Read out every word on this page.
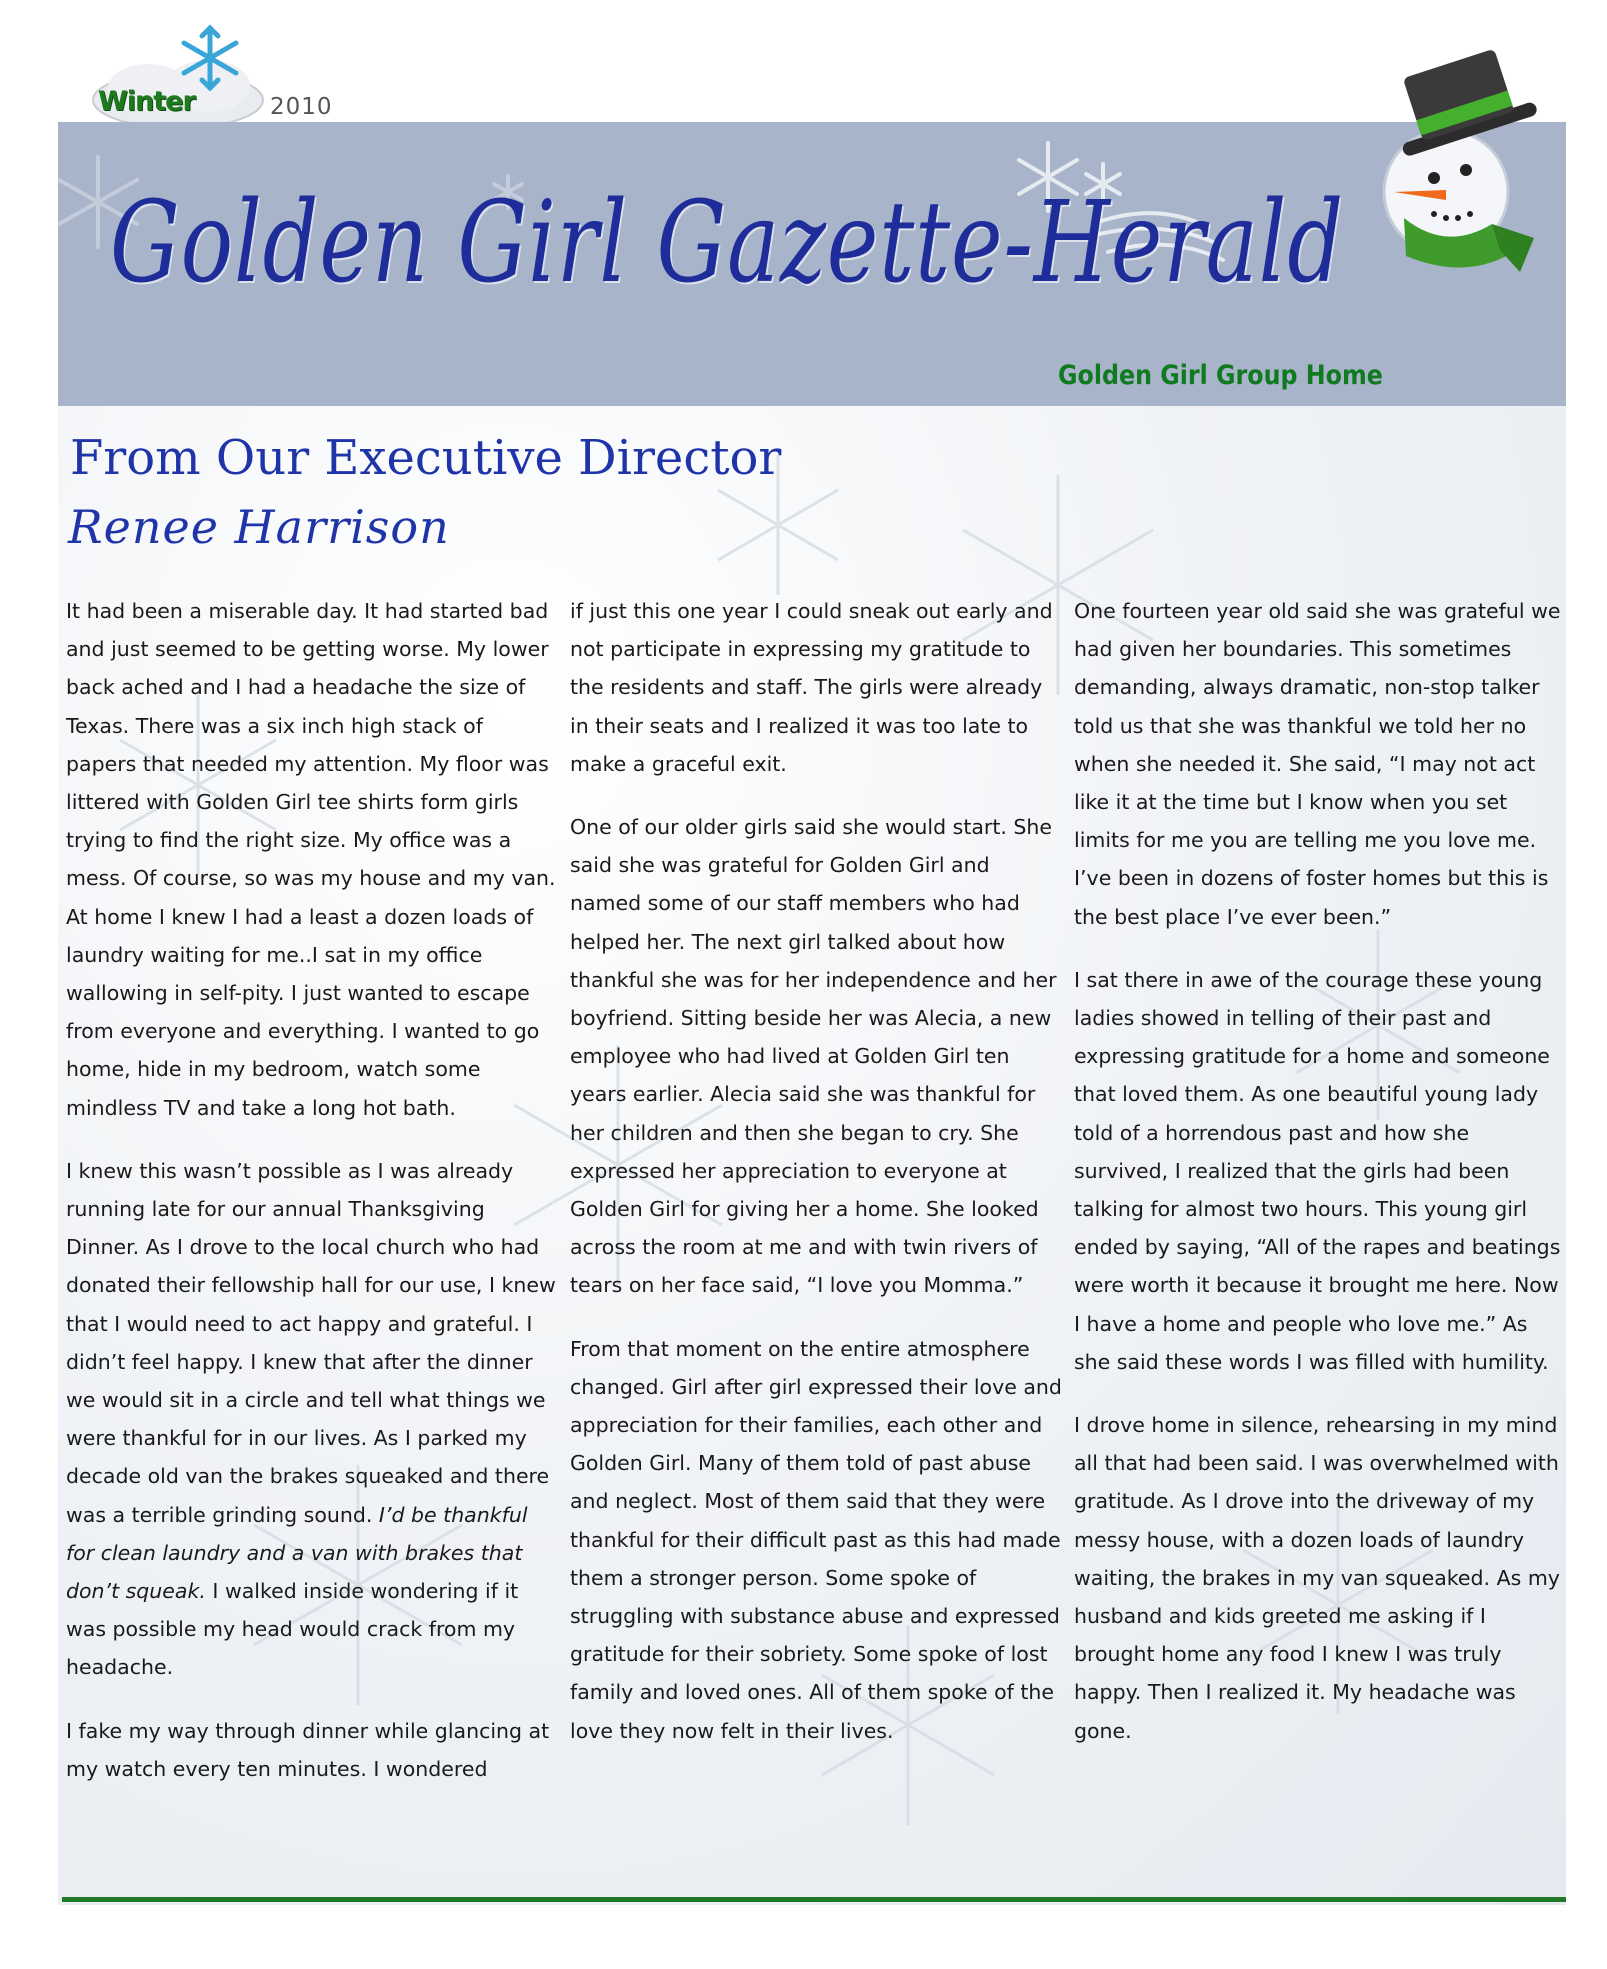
Winter	2010
Golden Girl Gazette-Herald
Golden Girl Group Home
From Our Executive Director
Renee Harrison

It had been a miserable day. It had started bad and just seemed to be getting worse. My lower back ached and I had a headache the size of Texas. There was a six inch high stack of papers that needed my attention. My floor was littered with Golden Girl tee shirts form girls trying to find the right size. My office was a mess. Of course, so was my house and my van. At home I knew I had a least a dozen loads of laundry waiting for me..I sat in my office wallowing in self-pity. I just wanted to escape from everyone and everything. I wanted to go home, hide in my bedroom, watch some mindless TV and take a long hot bath.

I knew this wasn’t possible as I was already running late for our annual Thanksgiving Dinner. As I drove to the local church who had donated their fellowship hall for our use, I knew that I would need to act happy and grateful. I didn’t feel happy. I knew that after the dinner we would sit in a circle and tell what things we were thankful for in our lives. As I parked my decade old van the brakes squeaked and there was a terrible grinding sound. I’d be thankful for clean laundry and a van with brakes that don’t squeak. I walked inside wondering if it was possible my head would crack from my headache.

I fake my way through dinner while glancing at my watch every ten minutes. I wondered

if just this one year I could sneak out early and not participate in expressing my gratitude to the residents and staff. The girls were already in their seats and I realized it was too late to make a graceful exit.

One of our older girls said she would start. She said she was grateful for Golden Girl and named some of our staff members who had helped her. The next girl talked about how thankful she was for her independence and her boyfriend. Sitting beside her was Alecia, a new employee who had lived at Golden Girl ten years earlier. Alecia said she was thankful for her children and then she began to cry. She expressed her appreciation to everyone at Golden Girl for giving her a home. She looked across the room at me and with twin rivers of tears on her face said, “I love you Momma.”

From that moment on the entire atmosphere changed. Girl after girl expressed their love and appreciation for their families, each other and Golden Girl. Many of them told of past abuse and neglect. Most of them said that they were thankful for their difficult past as this had made them a stronger person. Some spoke of struggling with substance abuse and expressed gratitude for their sobriety. Some spoke of lost family and loved ones. All of them spoke of the love they now felt in their lives.

One fourteen year old said she was grateful we had given her boundaries. This sometimes demanding, always dramatic, non-stop talker told us that she was thankful we told her no when she needed it. She said, “I may not act like it at the time but I know when you set limits for me you are telling me you love me. I’ve been in dozens of foster homes but this is the best place I’ve ever been.”

I sat there in awe of the courage these young ladies showed in telling of their past and expressing gratitude for a home and someone that loved them. As one beautiful young lady told of a horrendous past and how she survived, I realized that the girls had been talking for almost two hours. This young girl ended by saying, “All of the rapes and beatings were worth it because it brought me here. Now I have a home and people who love me.” As she said these words I was filled with humility.

I drove home in silence, rehearsing in my mind all that had been said. I was overwhelmed with gratitude. As I drove into the driveway of my messy house, with a dozen loads of laundry waiting, the brakes in my van squeaked. As my husband and kids greeted me asking if I brought home any food I knew I was truly happy. Then I realized it. My headache was gone.
